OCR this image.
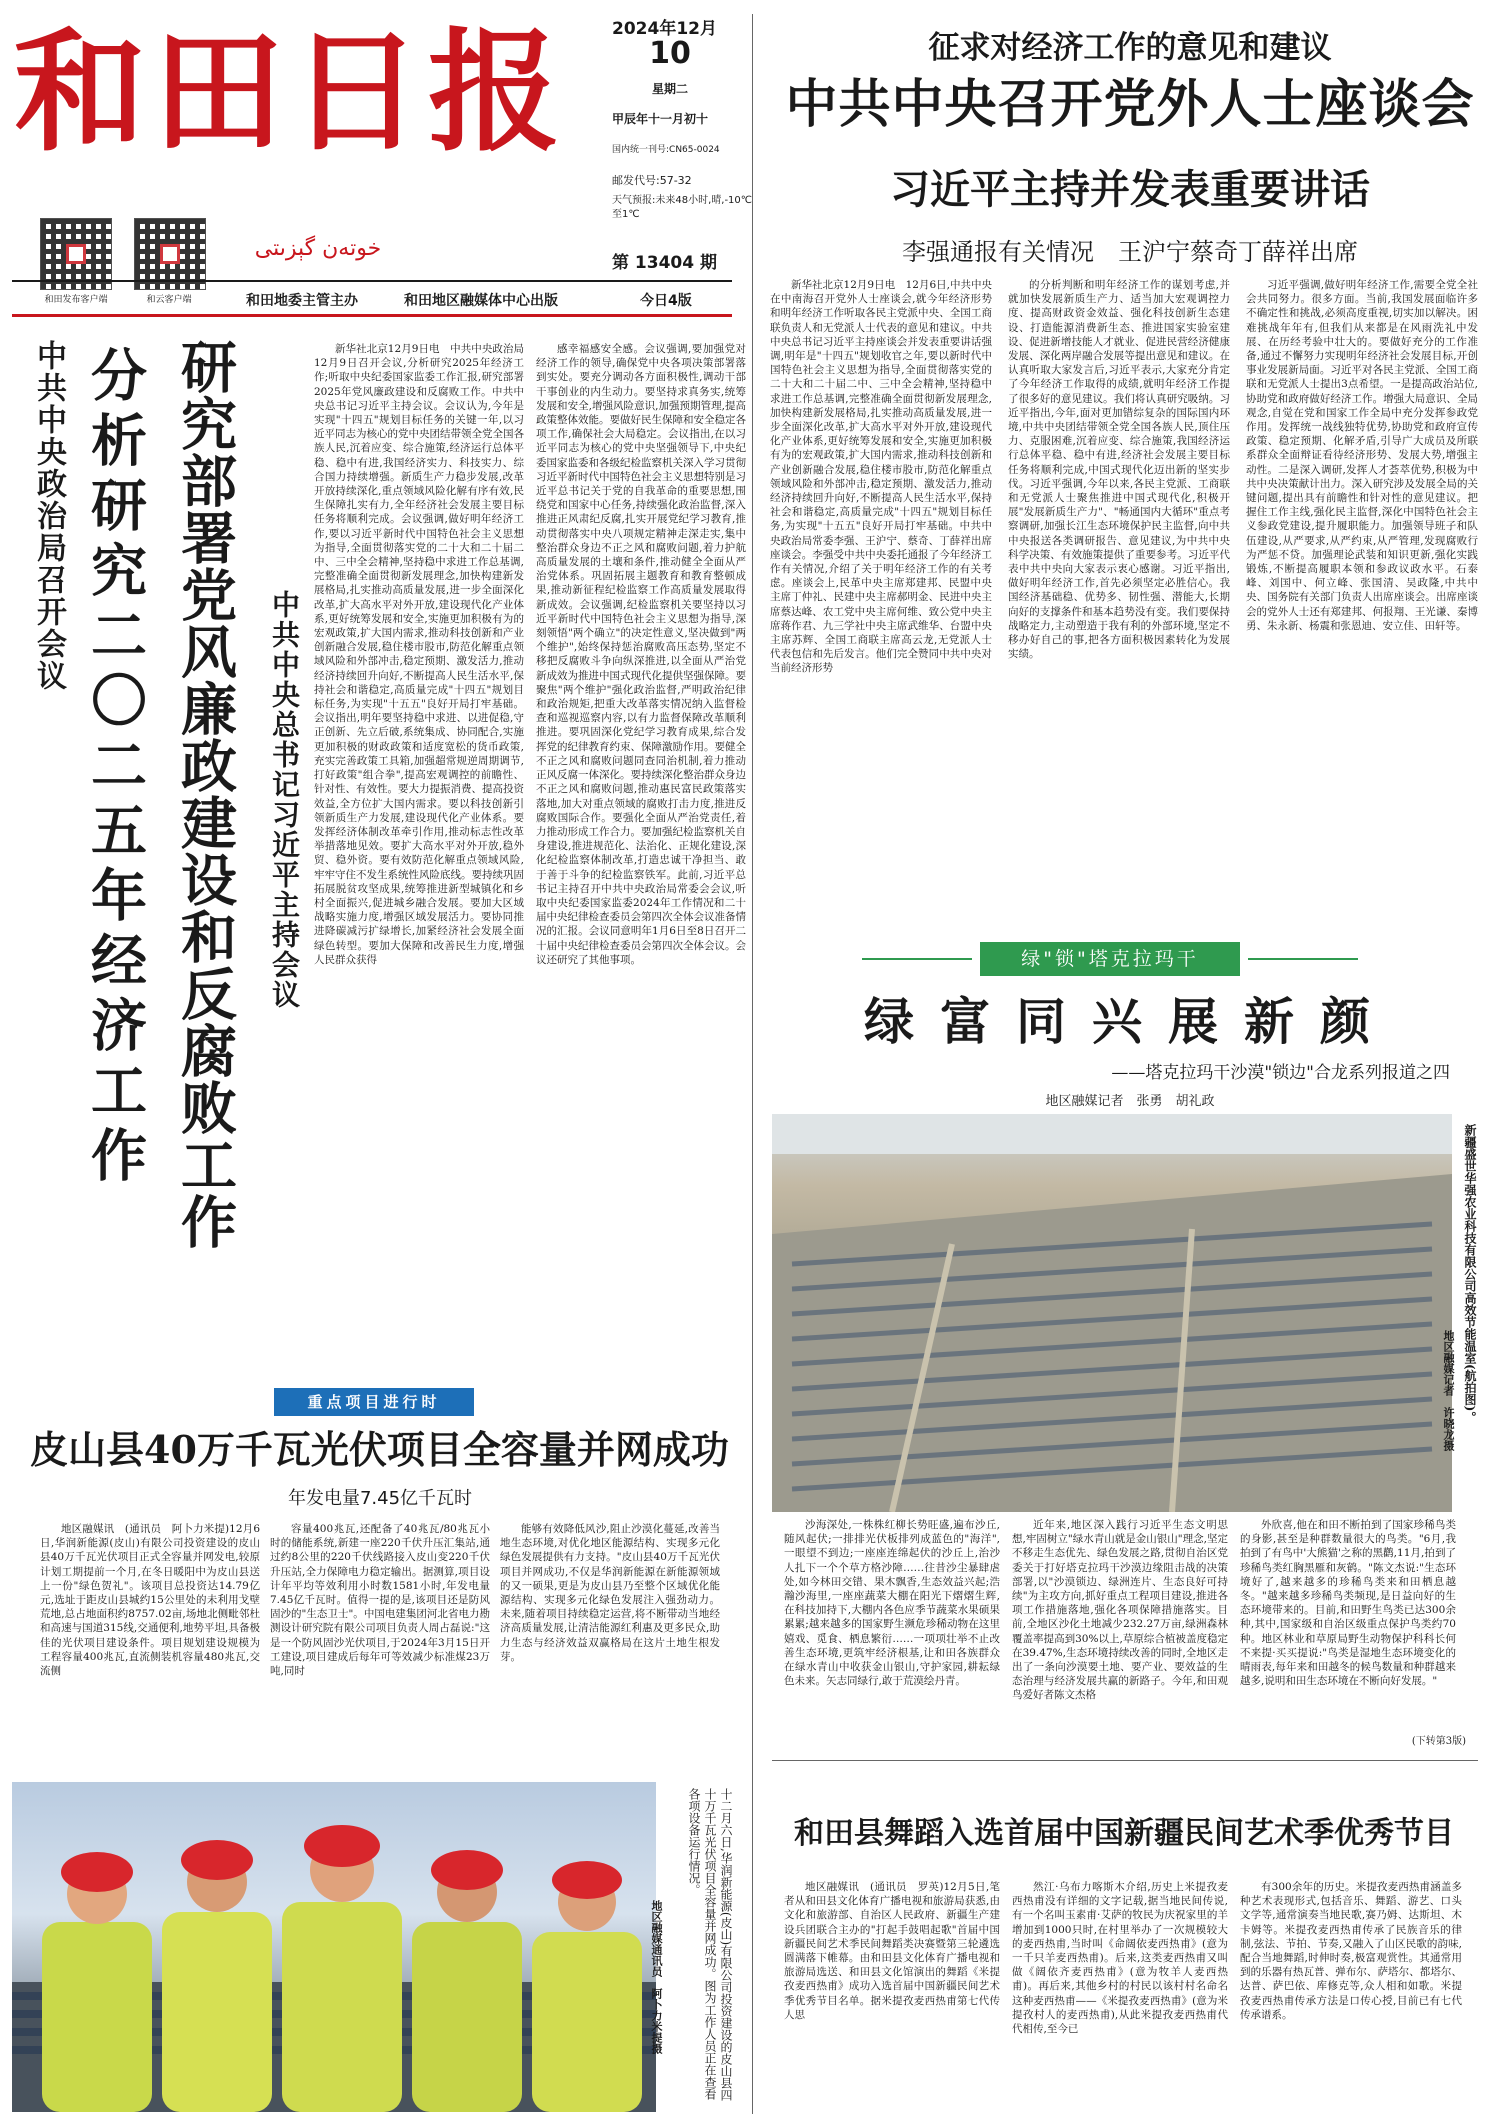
和田日报
خوتەن گېزىتى
和田发布客户端	和云客户端
2024年12月
10
星期二
甲辰年十一月初十
国内统一刊号:CN65-0024
邮发代号:57-32
天气预报:未来48小时,晴,-10℃至1℃
第 13404 期
和田地委主管主办	和田地区融媒体中心出版	今日4版
中共中央政治局召开会议 分析研究二〇二五年经济工作 研究部署党风廉政建设和反腐败工作 中共中央总书记习近平主持会议
新华社北京12月9日电　中共中央政治局12月9日召开会议,分析研究2025年经济工作;听取中央纪委国家监委工作汇报,研究部署2025年党风廉政建设和反腐败工作。中共中央总书记习近平主持会议。会议认为,今年是实现"十四五"规划目标任务的关键一年,以习近平同志为核心的党中央团结带领全党全国各族人民,沉着应变、综合施策,经济运行总体平稳、稳中有进,我国经济实力、科技实力、综合国力持续增强。新质生产力稳步发展,改革开放持续深化,重点领域风险化解有序有效,民生保障扎实有力,全年经济社会发展主要目标任务将顺利完成。会议强调,做好明年经济工作,要以习近平新时代中国特色社会主义思想为指导,全面贯彻落实党的二十大和二十届二中、三中全会精神,坚持稳中求进工作总基调,完整准确全面贯彻新发展理念,加快构建新发展格局,扎实推动高质量发展,进一步全面深化改革,扩大高水平对外开放,建设现代化产业体系,更好统筹发展和安全,实施更加积极有为的宏观政策,扩大国内需求,推动科技创新和产业创新融合发展,稳住楼市股市,防范化解重点领域风险和外部冲击,稳定预期、激发活力,推动经济持续回升向好,不断提高人民生活水平,保持社会和谐稳定,高质量完成"十四五"规划目标任务,为实现"十五五"良好开局打牢基础。会议指出,明年要坚持稳中求进、以进促稳,守正创新、先立后破,系统集成、协同配合,实施更加积极的财政政策和适度宽松的货币政策,充实完善政策工具箱,加强超常规逆周期调节,打好政策"组合拳",提高宏观调控的前瞻性、针对性、有效性。要大力提振消费、提高投资效益,全方位扩大国内需求。要以科技创新引领新质生产力发展,建设现代化产业体系。要发挥经济体制改革牵引作用,推动标志性改革举措落地见效。要扩大高水平对外开放,稳外贸、稳外资。要有效防范化解重点领域风险,牢牢守住不发生系统性风险底线。要持续巩固拓展脱贫攻坚成果,统筹推进新型城镇化和乡村全面振兴,促进城乡融合发展。要加大区域战略实施力度,增强区域发展活力。要协同推进降碳减污扩绿增长,加紧经济社会发展全面绿色转型。要加大保障和改善民生力度,增强人民群众获得
感幸福感安全感。会议强调,要加强党对经济工作的领导,确保党中央各项决策部署落到实处。要充分调动各方面积极性,调动干部干事创业的内生动力。要坚持求真务实,统筹发展和安全,增强风险意识,加强预期管理,提高政策整体效能。要做好民生保障和安全稳定各项工作,确保社会大局稳定。会议指出,在以习近平同志为核心的党中央坚强领导下,中央纪委国家监委和各级纪检监察机关深入学习贯彻习近平新时代中国特色社会主义思想特别是习近平总书记关于党的自我革命的重要思想,围绕党和国家中心任务,持续强化政治监督,深入推进正风肃纪反腐,扎实开展党纪学习教育,推动贯彻落实中央八项规定精神走深走实,集中整治群众身边不正之风和腐败问题,着力护航高质量发展的土壤和条件,推动健全全面从严治党体系。巩固拓展主题教育和教育整顿成果,推动新征程纪检监察工作高质量发展取得新成效。会议强调,纪检监察机关要坚持以习近平新时代中国特色社会主义思想为指导,深刻领悟"两个确立"的决定性意义,坚决做到"两个维护",始终保持惩治腐败高压态势,坚定不移把反腐败斗争向纵深推进,以全面从严治党新成效为推进中国式现代化提供坚强保障。要聚焦"两个维护"强化政治监督,严明政治纪律和政治规矩,把重大改革落实情况纳入监督检查和巡视巡察内容,以有力监督保障改革顺利推进。要巩固深化党纪学习教育成果,综合发挥党的纪律教育约束、保障激励作用。要健全不正之风和腐败问题同查同治机制,着力推动正风反腐一体深化。要持续深化整治群众身边不正之风和腐败问题,推动惠民富民政策落实落地,加大对重点领域的腐败打击力度,推进反腐败国际合作。要强化全面从严治党责任,着力推动形成工作合力。要加强纪检监察机关自身建设,推进规范化、法治化、正规化建设,深化纪检监察体制改革,打造忠诚干净担当、敢于善于斗争的纪检监察铁军。此前,习近平总书记主持召开中共中央政治局常委会会议,听取中央纪委国家监委2024年工作情况和二十届中央纪律检查委员会第四次全体会议准备情况的汇报。会议同意明年1月6日至8日召开二十届中央纪律检查委员会第四次全体会议。会议还研究了其他事项。
重点项目进行时
皮山县40万千瓦光伏项目全容量并网成功
年发电量7.45亿千瓦时
地区融媒讯　(通讯员　阿卜力米提)12月6日,华润新能源(皮山)有限公司投资建设的皮山县40万千瓦光伏项目正式全容量并网发电,较原计划工期提前一个月,在冬日暖阳中为皮山县送上一份"绿色贺礼"。该项目总投资达14.79亿元,选址于距皮山县城约15公里处的未利用戈壁荒地,总占地面积约8757.02亩,场地北侧毗邻杜和高速与国道315线,交通便利,地势平坦,具备极佳的光伏项目建设条件。项目规划建设规模为工程容量400兆瓦,直流侧装机容量480兆瓦,交流侧
容量400兆瓦,还配备了40兆瓦/80兆瓦小时的储能系统,新建一座220千伏升压汇集站,通过约8公里的220千伏线路接入皮山变220千伏升压站,全力保障电力稳定输出。据测算,项目设计年平均等效利用小时数1581小时,年发电量7.45亿千瓦时。值得一提的是,该项目还是防风固沙的"生态卫士"。中国电建集团河北省电力勘测设计研究院有限公司项目负责人周占磊说:"这是一个防风固沙光伏项目,于2024年3月15日开工建设,项目建成后每年可等效减少标准煤23万吨,同时
能够有效降低风沙,阻止沙漠化蔓延,改善当地生态环境,对优化地区能源结构、实现多元化绿色发展提供有力支持。"皮山县40万千瓦光伏项目并网成功,不仅是华润新能源在新能源领域的又一硕果,更是为皮山县乃至整个区域优化能源结构、实现多元化绿色发展注入强劲动力。未来,随着项目持续稳定运营,将不断带动当地经济高质量发展,让清洁能源红利惠及更多民众,助力生态与经济效益双赢格局在这片土地生根发芽。
十二月六日,华润新能源(皮山)有限公司投资建设的皮山县四十万千瓦光伏项目全容量并网成功。图为工作人员正在查看各项设备运行情况。
地区融媒通讯员　阿卜力米提摄
征求对经济工作的意见和建议
中共中央召开党外人士座谈会
习近平主持并发表重要讲话
李强通报有关情况　王沪宁蔡奇丁薛祥出席
新华社北京12月9日电　12月6日,中共中央在中南海召开党外人士座谈会,就今年经济形势和明年经济工作听取各民主党派中央、全国工商联负责人和无党派人士代表的意见和建议。中共中央总书记习近平主持座谈会并发表重要讲话强调,明年是"十四五"规划收官之年,要以新时代中国特色社会主义思想为指导,全面贯彻落实党的二十大和二十届二中、三中全会精神,坚持稳中求进工作总基调,完整准确全面贯彻新发展理念,加快构建新发展格局,扎实推动高质量发展,进一步全面深化改革,扩大高水平对外开放,建设现代化产业体系,更好统筹发展和安全,实施更加积极有为的宏观政策,扩大国内需求,推动科技创新和产业创新融合发展,稳住楼市股市,防范化解重点领域风险和外部冲击,稳定预期、激发活力,推动经济持续回升向好,不断提高人民生活水平,保持社会和谐稳定,高质量完成"十四五"规划目标任务,为实现"十五五"良好开局打牢基础。中共中央政治局常委李强、王沪宁、蔡奇、丁薛祥出席座谈会。李强受中共中央委托通报了今年经济工作有关情况,介绍了关于明年经济工作的有关考虑。座谈会上,民革中央主席郑建邦、民盟中央主席丁仲礼、民建中央主席郝明金、民进中央主席蔡达峰、农工党中央主席何维、致公党中央主席蒋作君、九三学社中央主席武维华、台盟中央主席苏辉、全国工商联主席高云龙,无党派人士代表包信和先后发言。他们完全赞同中共中央对当前经济形势
的分析判断和明年经济工作的谋划考虑,并就加快发展新质生产力、适当加大宏观调控力度、提高财政资金效益、强化科技创新生态建设、打造能源消费新生态、推进国家实验室建设、促进新增技能人才就业、促进民营经济健康发展、深化两岸融合发展等提出意见和建议。在认真听取大家发言后,习近平表示,大家充分肯定了今年经济工作取得的成绩,就明年经济工作提了很多好的意见建议。我们将认真研究吸纳。习近平指出,今年,面对更加错综复杂的国际国内环境,中共中央团结带领全党全国各族人民,顶住压力、克服困难,沉着应变、综合施策,我国经济运行总体平稳、稳中有进,经济社会发展主要目标任务将顺利完成,中国式现代化迈出新的坚实步伐。习近平强调,今年以来,各民主党派、工商联和无党派人士聚焦推进中国式现代化,积极开展"发展新质生产力"、"畅通国内大循环"重点考察调研,加强长江生态环境保护民主监督,向中共中央报送各类调研报告、意见建议,为中共中央科学决策、有效施策提供了重要参考。习近平代表中共中央向大家表示衷心感谢。习近平指出,做好明年经济工作,首先必须坚定必胜信心。我国经济基础稳、优势多、韧性强、潜能大,长期向好的支撑条件和基本趋势没有变。我们要保持战略定力,主动塑造于我有利的外部环境,坚定不移办好自己的事,把各方面积极因素转化为发展实绩。
习近平强调,做好明年经济工作,需要全党全社会共同努力。很多方面。当前,我国发展面临许多不确定性和挑战,必须高度重视,切实加以解决。困难挑战年年有,但我们从来都是在风雨洗礼中发展、在历经考验中壮大的。要做好充分的工作准备,通过不懈努力实现明年经济社会发展目标,开创事业发展新局面。习近平对各民主党派、全国工商联和无党派人士提出3点希望。一是提高政治站位,协助党和政府做好经济工作。增强大局意识、全局观念,自觉在党和国家工作全局中充分发挥参政党作用。发挥统一战线独特优势,协助党和政府宣传政策、稳定预期、化解矛盾,引导广大成员及所联系群众全面辩证看待经济形势、发展大势,增强主动性。二是深入调研,发挥人才荟萃优势,积极为中共中央决策献计出力。深入研究涉及发展全局的关键问题,提出具有前瞻性和针对性的意见建议。把握住工作主线,强化民主监督,深化中国特色社会主义参政党建设,提升履职能力。加强领导班子和队伍建设,从严要求,从严约束,从严管理,发现腐败行为严惩不贷。加强理论武装和知识更新,强化实践锻炼,不断提高履职本领和参政议政水平。石泰峰、刘国中、何立峰、张国清、吴政隆,中共中央、国务院有关部门负责人出席座谈会。出席座谈会的党外人士还有郑建邦、何报翔、王光谦、秦博勇、朱永新、杨震和张恩迪、安立佳、田轩等。
绿"锁"塔克拉玛干
绿富同兴展新颜
——塔克拉玛干沙漠"锁边"合龙系列报道之四
地区融媒记者　张勇　胡礼政
新疆盛世华强农业科技有限公司高效节能温室(航拍图)。
地区融媒记者　许晓龙摄
沙海深处,一株株红柳长势旺盛,遍布沙丘,随风起伏;一排排光伏板排列成蓝色的"海洋",一眼望不到边;一座座连绵起伏的沙丘上,治沙人扎下一个个草方格沙障……往昔沙尘暴肆虐处,如今林田交错、果木飘香,生态效益兴起;浩瀚沙海里,一座座蔬菜大棚在阳光下熠熠生辉,在科技加持下,大棚内各色应季节蔬菜水果硕果累累;越来越多的国家野生濒危珍稀动物在这里嬉戏、觅食、栖息繁衍……一项项壮举不止改善生态环境,更筑牢经济根基,让和田各族群众在绿水青山中收获金山银山,守护家园,耕耘绿色未来。矢志同绿行,敢于荒漠绘丹青。
近年来,地区深入践行习近平生态文明思想,牢固树立"绿水青山就是金山银山"理念,坚定不移走生态优先、绿色发展之路,贯彻自治区党委关于打好塔克拉玛干沙漠边缘阻击战的决策部署,以"沙漠锁边、绿洲连片、生态良好可持续"为主攻方向,抓好重点工程项目建设,推进各项工作措施落地,强化各项保障措施落实。目前,全地区沙化土地减少232.27万亩,绿洲森林覆盖率提高到30%以上,草原综合植被盖度稳定在39.47%,生态环境持续改善的同时,全地区走出了一条向沙漠要土地、要产业、要效益的生态治理与经济发展共赢的新路子。今年,和田观鸟爱好者陈文杰格
外欣喜,他在和田不断拍到了国家珍稀鸟类的身影,甚至是种群数量很大的鸟类。"6月,我拍到了有鸟中'大熊猫'之称的黑鹳,11月,拍到了珍稀鸟类红胸黑雁和灰鹤。"陈文杰说:"生态环境好了,越来越多的珍稀鸟类来和田栖息越冬。"越来越多珍稀鸟类频现,是日益向好的生态环境带来的。目前,和田野生鸟类已达300余种,其中,国家级和自治区级重点保护鸟类约70种。地区林业和草原局野生动物保护科科长何不来提·买买提说:"鸟类是湿地生态环境变化的晴雨表,每年来和田越冬的候鸟数量和种群越来越多,说明和田生态环境在不断向好发展。"
(下转第3版)
和田县舞蹈入选首届中国新疆民间艺术季优秀节目
地区融媒讯　(通讯员　罗英)12月5日,笔者从和田县文化体育广播电视和旅游局获悉,由文化和旅游部、自治区人民政府、新疆生产建设兵团联合主办的"打起手鼓唱起歌"首届中国新疆民间艺术季民间舞蹈类决赛暨第三轮遴选圆满落下帷幕。由和田县文化体育广播电视和旅游局选送、和田县文化馆演出的舞蹈《米提孜麦西热甫》成功入选首届中国新疆民间艺术季优秀节目名单。据米提孜麦西热甫第七代传人思
然江·乌布力喀斯木介绍,历史上米提孜麦西热甫没有详细的文字记载,据当地民间传说,有一个名叫玉素甫·艾萨的牧民为庆祝家里的羊增加到1000只时,在村里举办了一次规模较大的麦西热甫,当时叫《命阔依麦西热甫》(意为一千只羊麦西热甫)。后来,这类麦西热甫又叫做《阔依齐麦西热甫》(意为牧羊人麦西热甫)。再后来,其他乡村的村民以该村村名命名这种麦西热甫——《米提孜麦西热甫》(意为米提孜村人的麦西热甫),从此米提孜麦西热甫代代相传,至今已
有300余年的历史。米提孜麦西热甫涵盖多种艺术表现形式,包括音乐、舞蹈、游艺、口头文学等,通常演奏当地民歌,赛乃姆、达斯坦、木卡姆等。米提孜麦西热甫传承了民族音乐的律制,弦法、节拍、节奏,又融入了山区民歌的韵味,配合当地舞蹈,时伸时奏,极富观赏性。其通常用到的乐器有热瓦普、弹布尔、萨塔尔、都塔尔、达普、萨巴依、库修克等,众人相和如歌。米提孜麦西热甫传承方法是口传心授,目前已有七代传承谱系。
